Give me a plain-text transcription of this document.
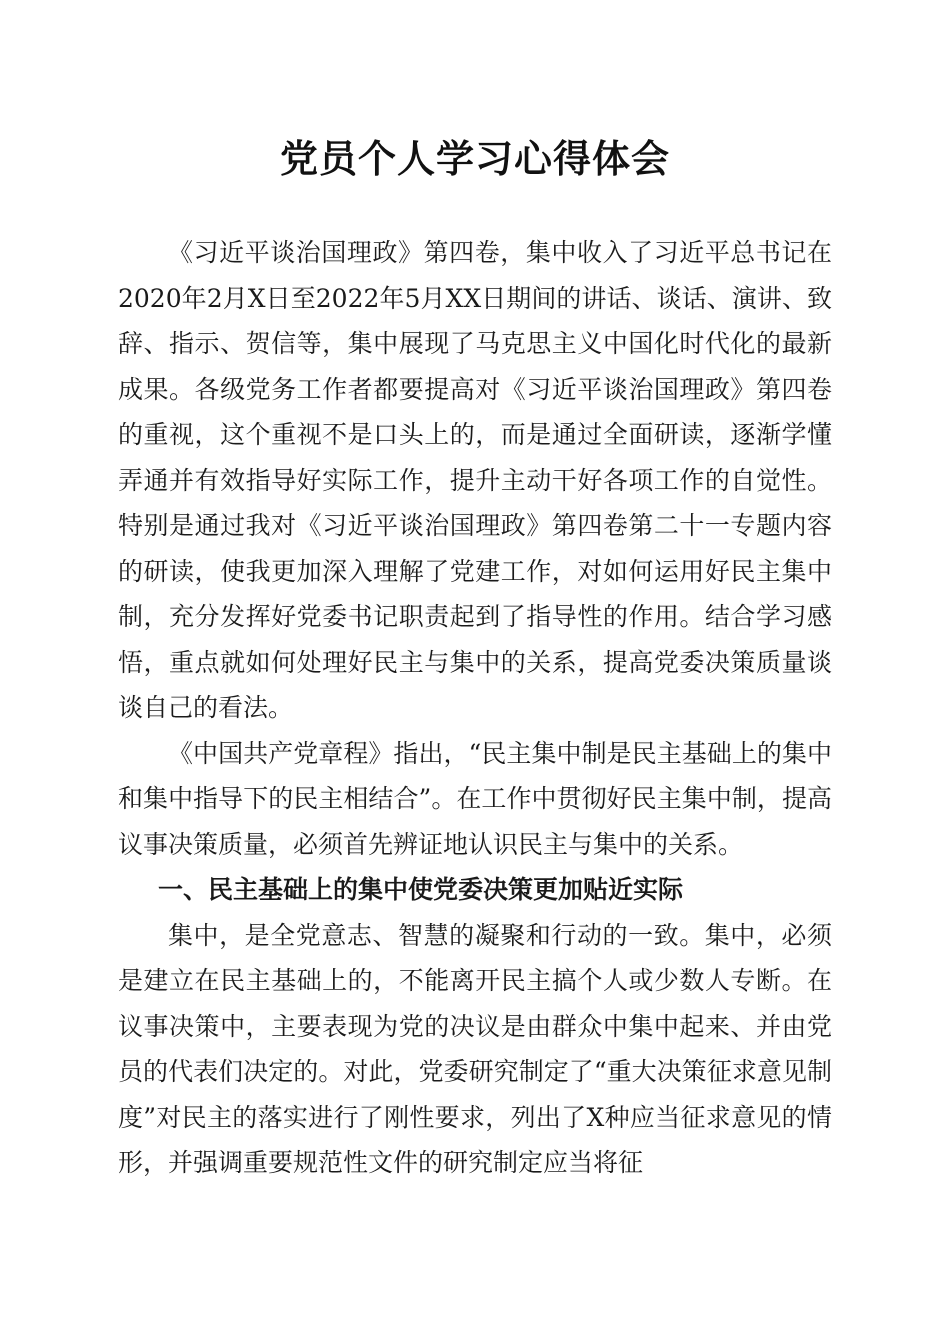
党员个人学习心得体会

《习近平谈治国理政》第四卷，集中收入了习近平总书记在2020年2月X日至2022年5月XX日期间的讲话、谈话、演讲、致辞、指示、贺信等，集中展现了马克思主义中国化时代化的最新成果。各级党务工作者都要提高对《习近平谈治国理政》第四卷的重视，这个重视不是口头上的，而是通过全面研读，逐渐学懂弄通并有效指导好实际工作，提升主动干好各项工作的自觉性。特别是通过我对《习近平谈治国理政》第四卷第二十一专题内容的研读，使我更加深入理解了党建工作，对如何运用好民主集中制，充分发挥好党委书记职责起到了指导性的作用。结合学习感悟，重点就如何处理好民主与集中的关系，提高党委决策质量谈谈自己的看法。

《中国共产党章程》指出，“民主集中制是民主基础上的集中和集中指导下的民主相结合”。在工作中贯彻好民主集中制，提高议事决策质量，必须首先辨证地认识民主与集中的关系。

一、民主基础上的集中使党委决策更加贴近实际

集中，是全党意志、智慧的凝聚和行动的一致。集中，必须是建立在民主基础上的，不能离开民主搞个人或少数人专断。在议事决策中，主要表现为党的决议是由群众中集中起来、并由党员的代表们决定的。对此，党委研究制定了“重大决策征求意见制度”对民主的落实进行了刚性要求，列出了X种应当征求意见的情形，并强调重要规范性文件的研究制定应当将征
